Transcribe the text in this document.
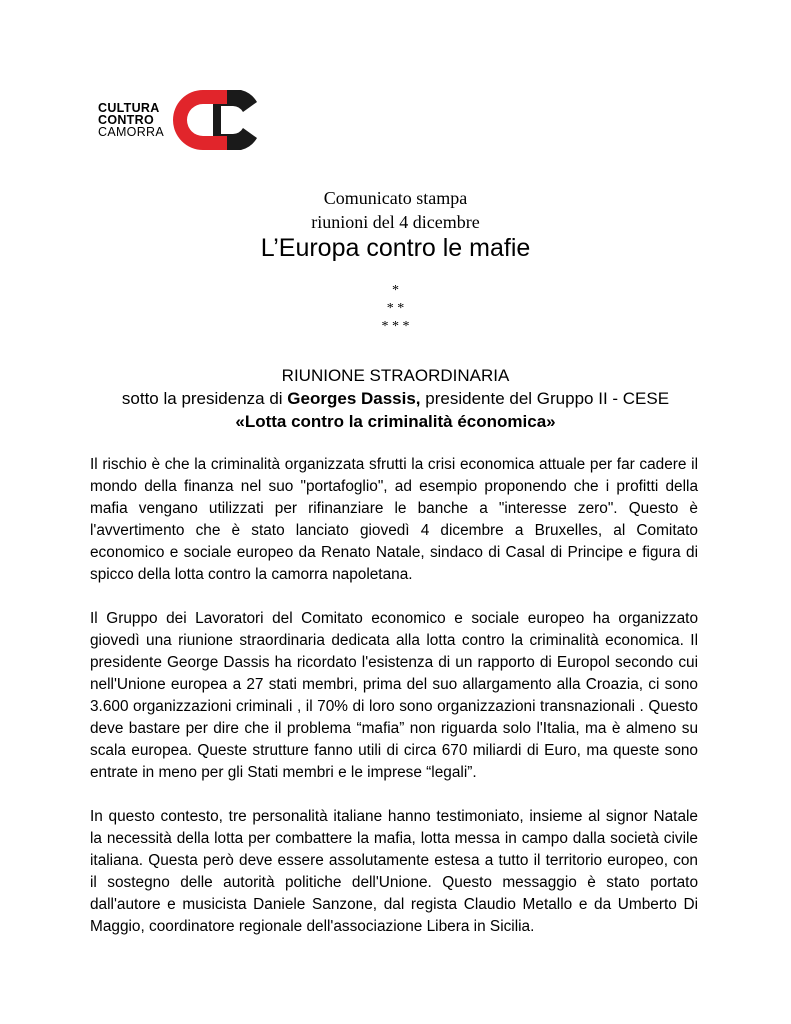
CULTURA
CONTRO
CAMORRA
Comunicato stampa
riunioni del 4 dicembre
L’Europa contro le mafie
*
* *
* * *
RIUNIONE STRAORDINARIA
sotto la presidenza di Georges Dassis, presidente del Gruppo II - CESE
«Lotta contro la criminalità économica»

Il rischio è che la criminalità organizzata sfrutti la crisi economica attuale per far cadere il mondo della finanza nel suo "portafoglio", ad esempio proponendo che i profitti della mafia vengano utilizzati per rifinanziare le banche a "interesse zero". Questo è l'avvertimento che è stato lanciato giovedì 4 dicembre a Bruxelles, al Comitato economico e sociale europeo da Renato Natale, sindaco di Casal di Principe e figura di spicco della lotta contro la camorra napoletana.

Il Gruppo dei Lavoratori del Comitato economico e sociale europeo ha organizzato giovedì una riunione straordinaria dedicata alla lotta contro la criminalità economica. Il presidente George Dassis ha ricordato l'esistenza di un rapporto di Europol secondo cui nell'Unione europea a 27 stati membri, prima del suo allargamento alla Croazia, ci sono 3.600 organizzazioni criminali , il 70% di loro sono organizzazioni transnazionali . Questo deve bastare per dire che il problema “mafia” non riguarda solo l'Italia, ma è almeno su scala europea. Queste strutture fanno utili di circa 670 miliardi di Euro, ma queste sono entrate in meno per gli Stati membri e le imprese “legali”.

In questo contesto, tre personalità italiane hanno testimoniato, insieme al signor Natale la necessità della lotta per combattere la mafia, lotta messa in campo dalla società civile italiana. Questa però deve essere assolutamente estesa a tutto il territorio europeo, con il sostegno delle autorità politiche dell'Unione. Questo messaggio è stato portato dall'autore e musicista Daniele Sanzone, dal regista Claudio Metallo e da Umberto Di Maggio, coordinatore regionale dell'associazione Libera in Sicilia.
